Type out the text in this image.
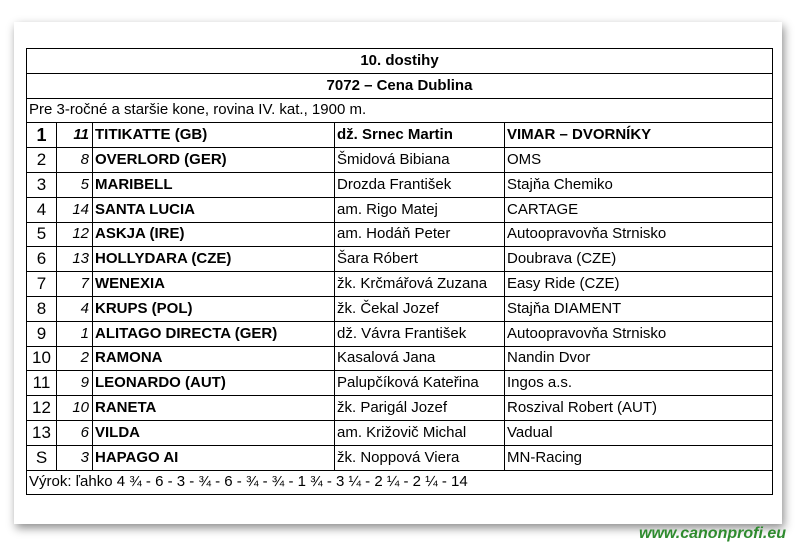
10. dostihy				
7072 – Cena Dublina				
Pre 3-ročné a staršie kone, rovina IV. kat., 1900 m.				
1	11	TITIKATTE (GB)	dž. Srnec Martin	VIMAR – DVORNÍKY
2	8	OVERLORD (GER)	Šmidová Bibiana	OMS
3	5	MARIBELL	Drozda František	Stajňa Chemiko
4	14	SANTA LUCIA	am. Rigo Matej	CARTAGE
5	12	ASKJA (IRE)	am. Hodáň Peter	Autoopravovňa Strnisko
6	13	HOLLYDARA (CZE)	Šara Róbert	Doubrava (CZE)
7	7	WENEXIA	žk. Krčmářová Zuzana	Easy Ride (CZE)
8	4	KRUPS (POL)	žk. Čekal Jozef	Stajňa DIAMENT
9	1	ALITAGO DIRECTA (GER)	dž. Vávra František	Autoopravovňa Strnisko
10	2	RAMONA	Kasalová Jana	Nandin Dvor
11	9	LEONARDO (AUT)	Palupčíková Kateřina	Ingos a.s.
12	10	RANETA	žk. Parigál Jozef	Roszival Robert (AUT)
13	6	VILDA	am. Križovič Michal	Vadual
S	3	HAPAGO AI	žk. Noppová Viera	MN-Racing
Výrok: ľahko 4 ¾ - 6 - 3 - ¾ - 6 - ¾ - ¾ - 1 ¾ - 3 ¼ - 2 ¼ - 2 ¼ - 14				
www.canonprofi.eu
